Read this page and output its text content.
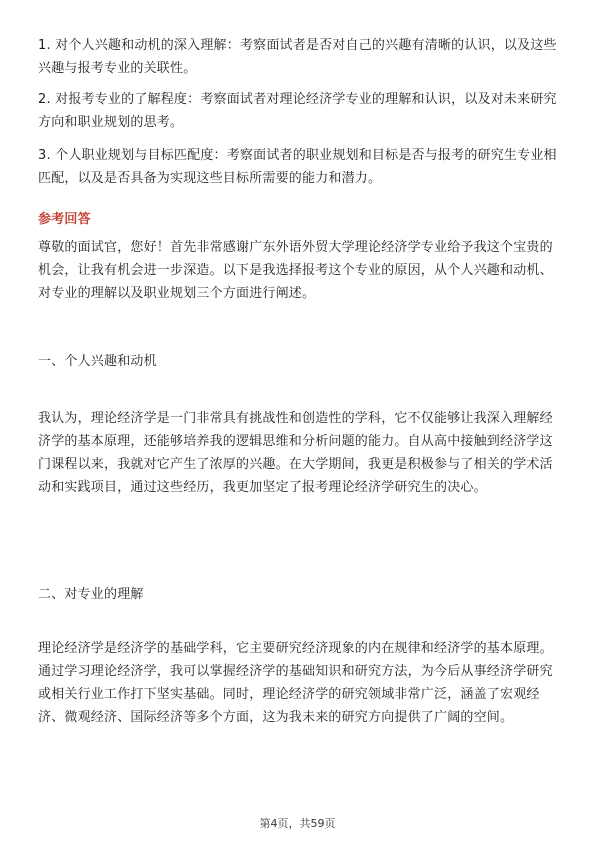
1. 对个人兴趣和动机的深入理解：考察面试者是否对自己的兴趣有清晰的认识，以及这些兴趣与报考专业的关联性。

2. 对报考专业的了解程度：考察面试者对理论经济学专业的理解和认识，以及对未来研究方向和职业规划的思考。

3. 个人职业规划与目标匹配度：考察面试者的职业规划和目标是否与报考的研究生专业相匹配，以及是否具备为实现这些目标所需要的能力和潜力。

参考回答

尊敬的面试官，您好！首先非常感谢广东外语外贸大学理论经济学专业给予我这个宝贵的机会，让我有机会进一步深造。以下是我选择报考这个专业的原因，从个人兴趣和动机、对专业的理解以及职业规划三个方面进行阐述。

一、个人兴趣和动机

我认为，理论经济学是一门非常具有挑战性和创造性的学科，它不仅能够让我深入理解经济学的基本原理，还能够培养我的逻辑思维和分析问题的能力。自从高中接触到经济学这门课程以来，我就对它产生了浓厚的兴趣。在大学期间，我更是积极参与了相关的学术活动和实践项目，通过这些经历，我更加坚定了报考理论经济学研究生的决心。

二、对专业的理解

理论经济学是经济学的基础学科，它主要研究经济现象的内在规律和经济学的基本原理。通过学习理论经济学，我可以掌握经济学的基础知识和研究方法，为今后从事经济学研究或相关行业工作打下坚实基础。同时，理论经济学的研究领域非常广泛，涵盖了宏观经济、微观经济、国际经济等多个方面，这为我未来的研究方向提供了广阔的空间。

第4页，共59页
